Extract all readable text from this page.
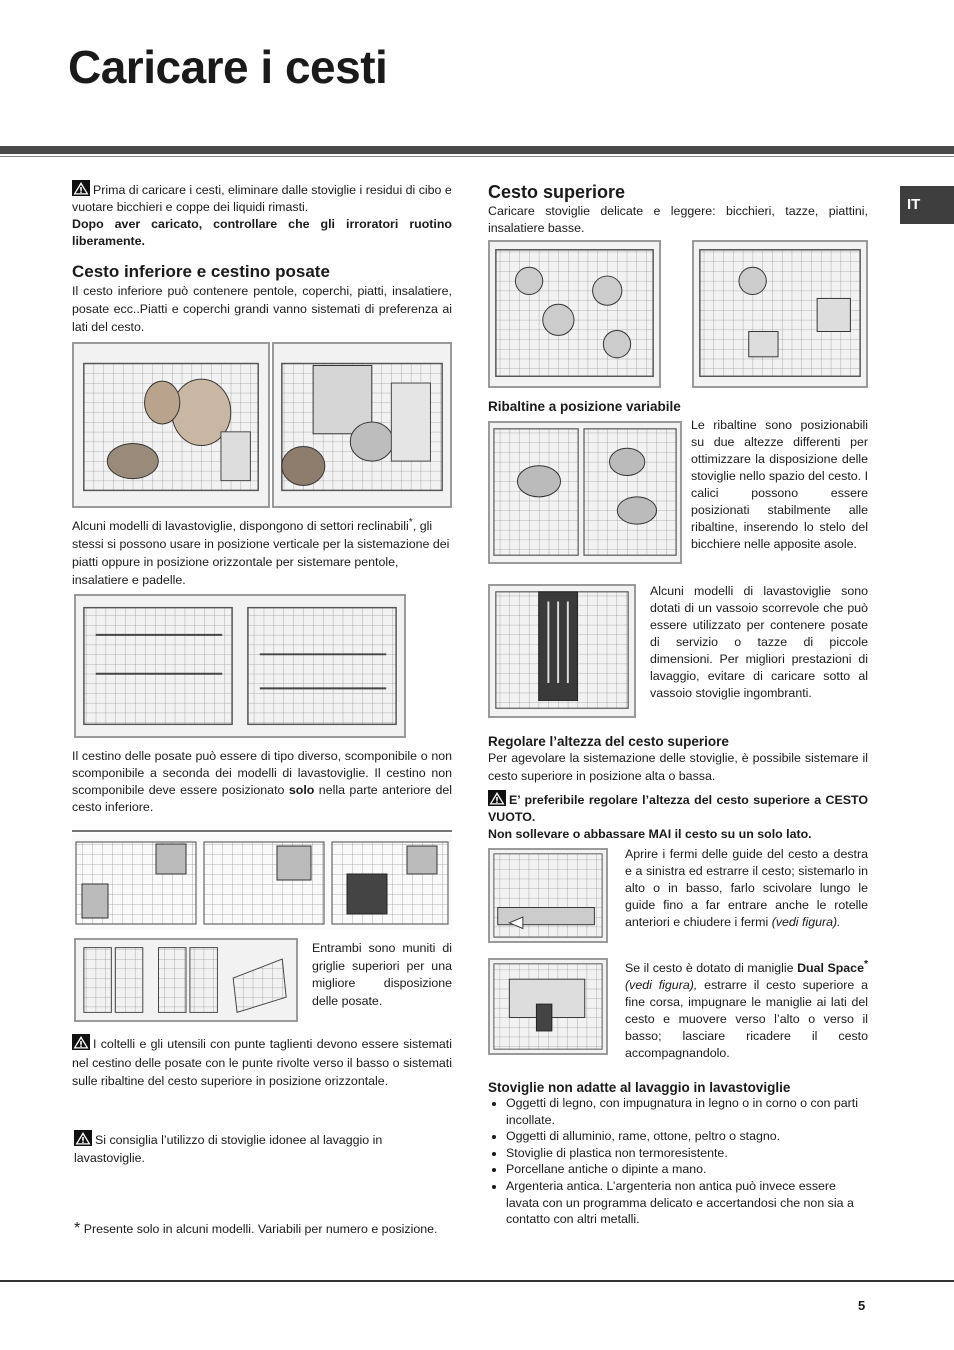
Caricare i cesti
IT

Prima di caricare i cesti, eliminare dalle stoviglie i residui di cibo e vuotare bicchieri e coppe dei liquidi rimasti.

Dopo aver caricato, controllare che gli irroratori ruotino liberamente.

Cesto inferiore e cestino posate

Il cesto inferiore può contenere pentole, coperchi, piatti, insalatiere, posate ecc..Piatti e coperchi grandi vanno sistemati di preferenza ai lati del cesto.

Alcuni modelli di lavastoviglie, dispongono di settori reclinabili*, gli stessi si possono usare in posizione verticale per la sistemazione dei piatti oppure in posizione orizzontale per sistemare pentole, insalatiere e padelle.

Il cestino delle posate può essere di tipo diverso, scomponibile o non scomponibile a seconda dei modelli di lavastoviglie. Il cestino non scomponibile deve essere posizionato solo nella parte anteriore del cesto inferiore.

Entrambi sono muniti di griglie superiori per una migliore disposizione delle posate.

I coltelli e gli utensili con punte taglienti devono essere sistemati nel cestino delle posate con le punte rivolte verso il basso o sistemati sulle ribaltine del cesto superiore in posizione orizzontale.

Si consiglia l’utilizzo di stoviglie idonee al lavaggio in lavastoviglie.

* Presente solo in alcuni modelli. Variabili per numero e posizione.

Cesto superiore

Caricare stoviglie delicate e leggere: bicchieri, tazze, piattini, insalatiere basse.

Ribaltine a posizione variabile

Le ribaltine sono posizionabili su due altezze differenti per ottimizzare la disposizione delle stoviglie nello spazio del cesto. I calici possono essere posizionati stabilmente alle ribaltine, inserendo lo stelo del bicchiere nelle apposite asole.

Alcuni modelli di lavastoviglie sono dotati di un vassoio scorrevole che può essere utilizzato per contenere posate di servizio o tazze di piccole dimensioni. Per migliori prestazioni di lavaggio, evitare di caricare sotto al vassoio stoviglie ingombranti.

Regolare l’altezza del cesto superiore

Per agevolare la sistemazione delle stoviglie, è possibile sistemare il cesto superiore in posizione alta o bassa.

E’ preferibile regolare l’altezza del cesto superiore a CESTO VUOTO.

Non sollevare o abbassare MAI il cesto su un solo lato.

Aprire i fermi delle guide del cesto a destra e a sinistra ed estrarre il cesto; sistemarlo in alto o in basso, farlo scivolare lungo le guide fino a far entrare anche le rotelle anteriori e chiudere i fermi (vedi figura).

Se il cesto è dotato di maniglie Dual Space* (vedi figura), estrarre il cesto superiore a fine corsa, impugnare le maniglie ai lati del cesto e muovere verso l’alto o verso il basso; lasciare ricadere il cesto accompagnandolo.

Stoviglie non adatte al lavaggio in lavastoviglie

• Oggetti di legno, con impugnatura in legno o in corno o con parti incollate.
• Oggetti di alluminio, rame, ottone, peltro o stagno.
• Stoviglie di plastica non termoresistente.
• Porcellane antiche o dipinte a mano.
• Argenteria antica. L’argenteria non antica può invece essere lavata con un programma delicato e accertandosi che non sia a contatto con altri metalli.
5
